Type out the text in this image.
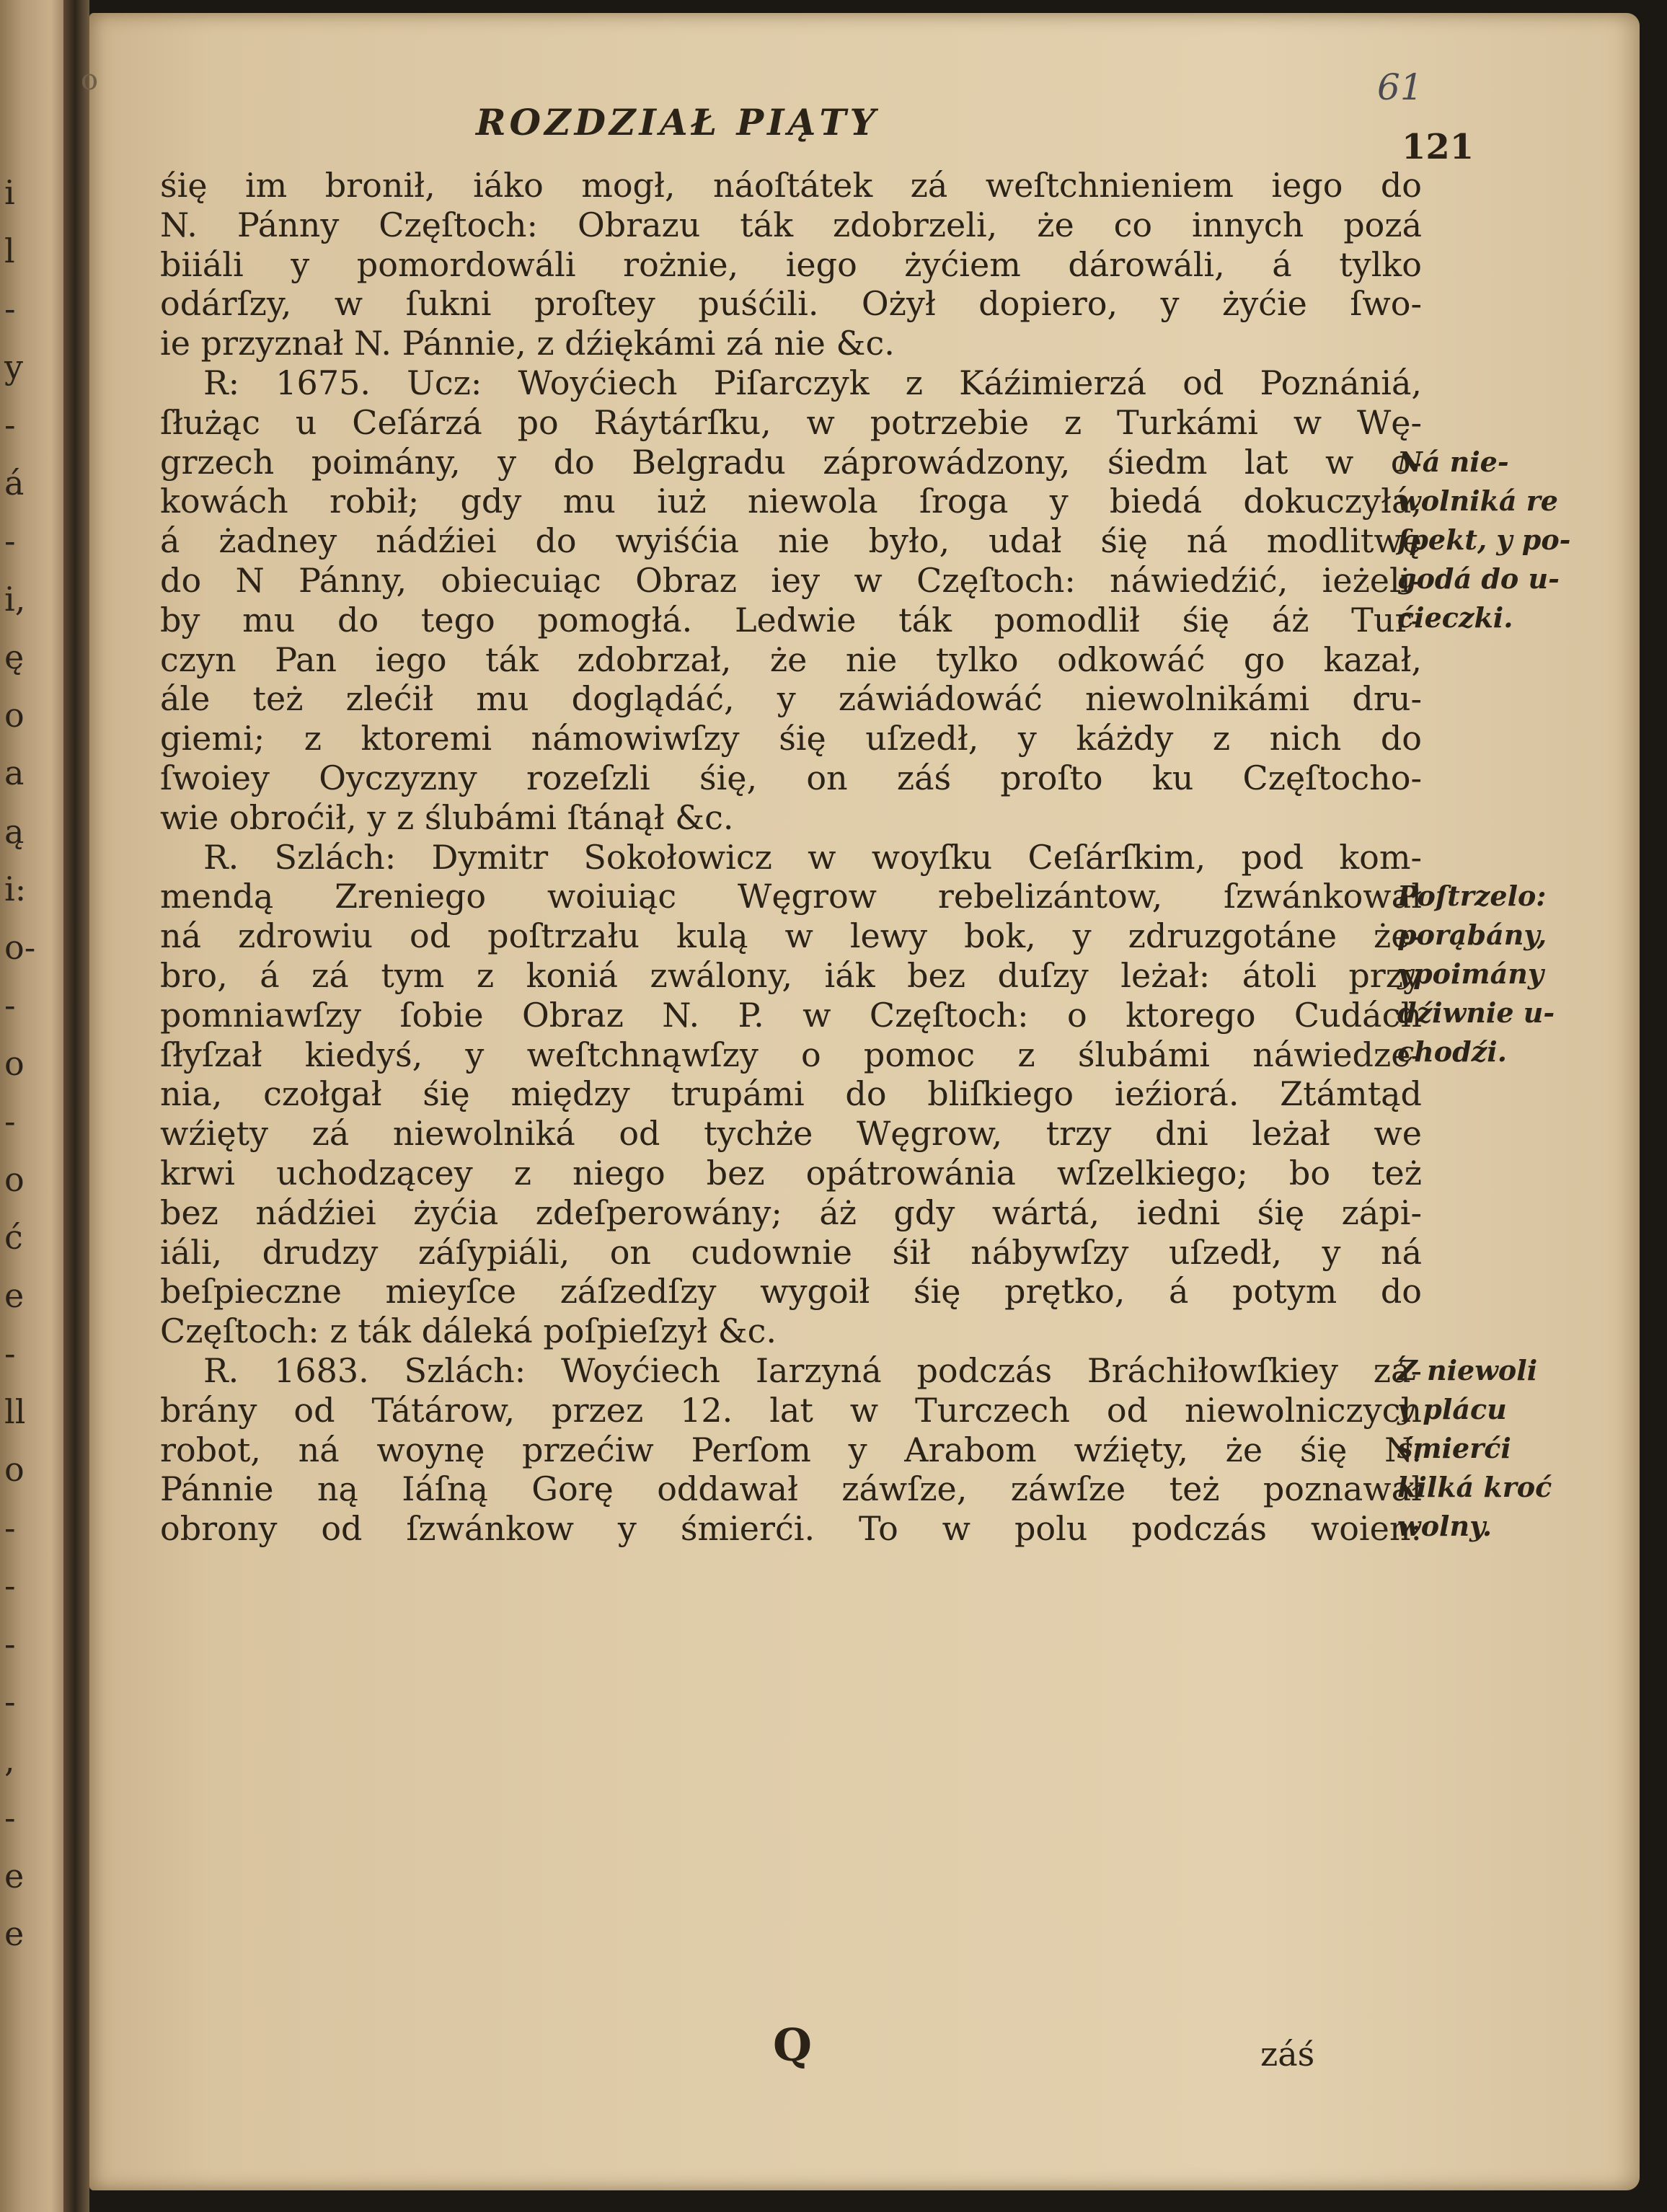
i
l
-
y
-
á
-
i,
ę
o
a
ą
i:
o-
-
o
-
o
ć
e
-
ll
o
-
-
-
-
,
-
e
e
o
ROZDZIAŁ PIĄTY
61
121
śię im bronił, iáko mogł, náoſtátek zá weſtchnieniem iego do
N. Pánny Częſtoch: Obrazu ták zdobrzeli, że co innych pozá
biiáli y pomordowáli rożnie, iego żyćiem dárowáli, á tylko
odárſzy, w ſukni proſtey puśćili. Ożył dopiero, y żyćie ſwo-
ie przyznał N. Pánnie, z dźiękámi zá nie &c.
R: 1675. Ucz: Woyćiech Piſarczyk z Káźimierzá od Poznániá,
ſłużąc u Ceſárzá po Ráytárſku, w potrzebie z Turkámi w Wę-
grzech poimány, y do Belgradu záprowádzony, śiedm lat w o-
kowách robił; gdy mu iuż niewola ſroga y biedá dokuczyłá,
á żadney nádźiei do wyiśćia nie było, udał śię ná modlitwę
do N Pánny, obiecuiąc Obraz iey w Częſtoch: náwiedźić, ieżeli-
by mu do tego pomogłá. Ledwie ták pomodlił śię áż Tur-
czyn Pan iego ták zdobrzał, że nie tylko odkowáć go kazał,
ále też zlećił mu doglądáć, y záwiádowáć niewolnikámi dru-
giemi; z ktoremi námowiwſzy śię uſzedł, y káżdy z nich do
ſwoiey Oyczyzny rozeſzli śię, on záś proſto ku Częſtocho-
wie obroćił, y z ślubámi ſtánął &c.
R. Szlách: Dymitr Sokołowicz w woyſku Ceſárſkim, pod kom-
mendą Zreniego woiuiąc Węgrow rebelizántow, ſzwánkował
ná zdrowiu od poſtrzału kulą w lewy bok, y zdruzgotáne że-
bro, á zá tym z koniá zwálony, iák bez duſzy leżał: átoli przy
pomniawſzy ſobie Obraz N. P. w Częſtoch: o ktorego Cudách
ſłyſzał kiedyś, y weſtchnąwſzy o pomoc z ślubámi náwiedze-
nia, czołgał śię między trupámi do bliſkiego ieźiorá. Ztámtąd
wźięty zá niewolniká od tychże Węgrow, trzy dni leżał we
krwi uchodzącey z niego bez opátrowánia wſzelkiego; bo też
bez nádźiei żyćia zdeſperowány; áż gdy wártá, iedni śię zápi-
iáli, drudzy záſypiáli, on cudownie śił nábywſzy uſzedł, y ná
beſpieczne mieyſce záſzedſzy wygoił śię prętko, á potym do
Częſtoch: z ták dáleká poſpieſzył &c.
R. 1683. Szlách: Woyćiech Iarzyná podczás Bráchiłowſkiey zá-
brány od Tátárow, przez 12. lat w Turczech od niewolniczych
robot, ná woynę przećiw Perſom y Arabom wźięty, że śię N.
Pánnie ną Iáſną Gorę oddawał záwſze, záwſze też poznawał
obrony od ſzwánkow y śmierći. To w polu podczás woien:
Ná nie-
wolniká re
ſpekt, y po-
godá do u-
ćieczki.
Poſtrzelo:
porąbány,
ypoimány
dźiwnie u-
chodźi.
Z niewoli
y plácu
śmierći
kilká kroć
wolny.
Q	záś
